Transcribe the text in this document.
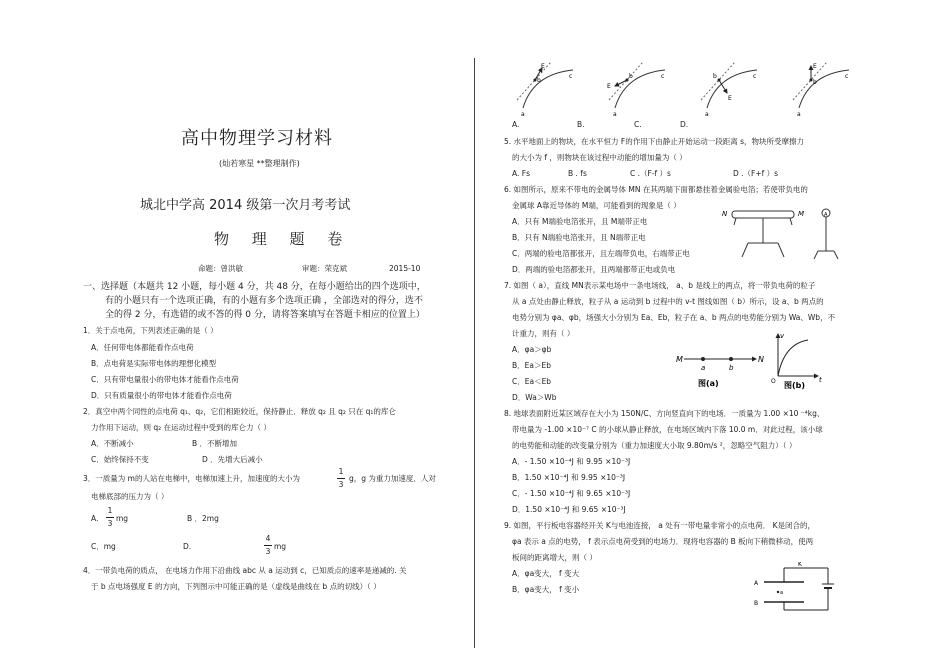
高中物理学习材料
(灿若寒星 **整理制作)
城北中学高 2014 级第一次月考考试
物 理 题 卷
命题：曾洪敏	审题：荣克斌	2015-10
一、选择题（本题共 12 小题，每小题 4 分，共 48 分，在每小题给出的四个选项中，
有的小题只有一个选项正确，有的小题有多个选项正确 ，全部选对的得分，选不
全的得 2 分，有选错的或不答的得 0 分，请将答案填写在答题卡相应的位置上）
1．关于点电荷，下列表述正确的是（ ）
A．任何带电体都能看作点电荷
B．点电荷是实际带电体的理想化模型
C．只有带电量很小的带电体才能看作点电荷
D．只有质量很小的带电体才能看作点电荷
2．真空中两个同性的点电荷 q₁、q₂，它们相距较近，保持静止．释放 q₂ 且 q₂ 只在 q₁的库仑
力作用下运动，则 q₂ 在运动过程中受到的库仑力（ ）
A．不断减小	B ．不断增加
C．始终保持不变	D ．先增大后减小
3．一质量为 m的人站在电梯中，电梯加速上升，加速度的大小为
1
3
g，g 为重力加速度．人对
电梯底部的压力为（ ）
A.
1
3
mg	B ．2mg
C．mg	D.
4
3
mg
4．一带负电荷的质点， 在电场力作用下沿曲线 abc 从 a 运动到 c，已知质点的速率是递减的. 关
于 b 点电场强度 E 的方向，下列图示中可能正确的是（虚线是曲线在 b 点的切线）（ ）
a
b
c
E
a
b	c
E
a
b	c
E
a
b
c
E
A.	B.	C.	D.
5. 水平地面上的物块，在水平恒力 F的作用下由静止开始运动一段距离 s，物块所受摩擦力
的大小为 f ，则物块在该过程中动能的增加量为（ ）
A. Fs	B . fs	C .（F-f ）s	D .（F+f ）s
6. 如图所示，原来不带电的金属导体 MN 在其两端下面都悬挂着金属验电箔；若使带负电的
金属球 A靠近导体的 M端，可能看到的现象是（ ）
A．只有 M端验电箔张开，且 M端带正电
B．只有 N端验电箔张开，且 N端带正电
C．两端的验电箔都张开，且左端带负电，右端带正电
D．两端的验电箔都张开，且两端都带正电或负电
N	M	A
7. 如图（ a），直线 MN表示某电场中一条电场线， a、b 是线上的两点，将一带负电荷的粒子
从 a 点处由静止释放，粒子从 a 运动到 b 过程中的 v-t 图线如图（ b）所示，设 a、b 两点的
电势分别为 φa、φb，场强大小分别为 Ea、Eb，粒子在 a、b 两点的电势能分别为 Wa、Wb，不
计重力，则有（ ）
A．φa＞φb
B．Ea＞Eb
C．Ea＜Eb
D．Wa＞Wb
M	N
a	b
图(a)
v
t
O 图(b)
8. 地球表面附近某区域存在大小为 150N/C、方向竖直向下的电场．一质量为 1.00 ×10 ⁻⁴kg、
带电量为 -1.00 ×10⁻⁷ C 的小球从静止释放，在电场区域内下落 10.0 m．对此过程，该小球
的电势能和动能的改变量分别为（重力加速度大小取 9.80m/s ²，忽略空气阻力）（ ）
A．- 1.50 ×10⁻⁴J 和 9.95 ×10⁻³J
B．1.50 ×10⁻⁴J 和 9.95 ×10⁻³J
C．- 1.50 ×10⁻⁴J 和 9.65 ×10⁻³J
D．1.50 ×10⁻⁴J 和 9.65 ×10⁻³J
9. 如图，平行板电容器经开关 K与电池连接， a 处有一带电量非常小的点电荷． K是闭合的，
φa 表示 a 点的电势， f 表示点电荷受到的电场力．现将电容器的 B 板向下稍微移动，使两
板间的距离增大，则（ ）
A．φa变大， f 变大
B．φa变大， f 变小
K
A
B
a
